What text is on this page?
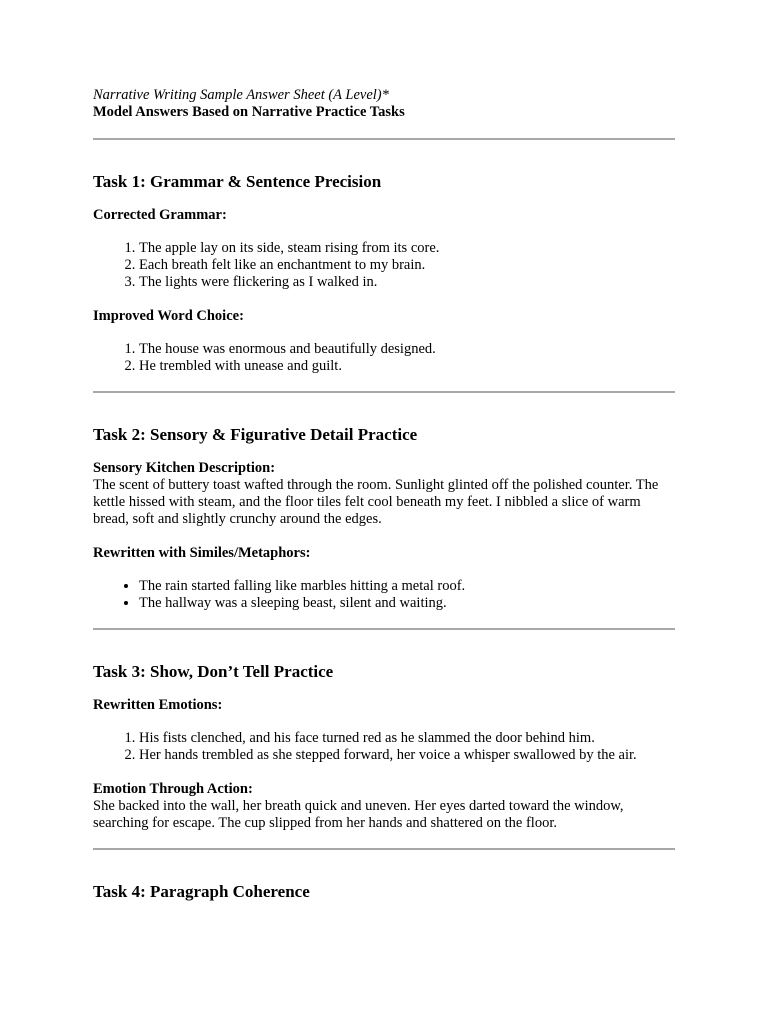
Narrative Writing Sample Answer Sheet (A Level)*

Model Answers Based on Narrative Practice Tasks

Task 1: Grammar & Sentence Precision

Corrected Grammar:

1. The apple lay on its side, steam rising from its core.
2. Each breath felt like an enchantment to my brain.
3. The lights were flickering as I walked in.

Improved Word Choice:

1. The house was enormous and beautifully designed.
2. He trembled with unease and guilt.
Task 2: Sensory & Figurative Detail Practice

Sensory Kitchen Description:

The scent of buttery toast wafted through the room. Sunlight glinted off the polished counter. The kettle hissed with steam, and the floor tiles felt cool beneath my feet. I nibbled a slice of warm bread, soft and slightly crunchy around the edges.

Rewritten with Similes/Metaphors:

• The rain started falling like marbles hitting a metal roof.
• The hallway was a sleeping beast, silent and waiting.
Task 3: Show, Don’t Tell Practice

Rewritten Emotions:

1. His fists clenched, and his face turned red as he slammed the door behind him.
2. Her hands trembled as she stepped forward, her voice a whisper swallowed by the air.

Emotion Through Action:

She backed into the wall, her breath quick and uneven. Her eyes darted toward the window, searching for escape. The cup slipped from her hands and shattered on the floor.

Task 4: Paragraph Coherence
